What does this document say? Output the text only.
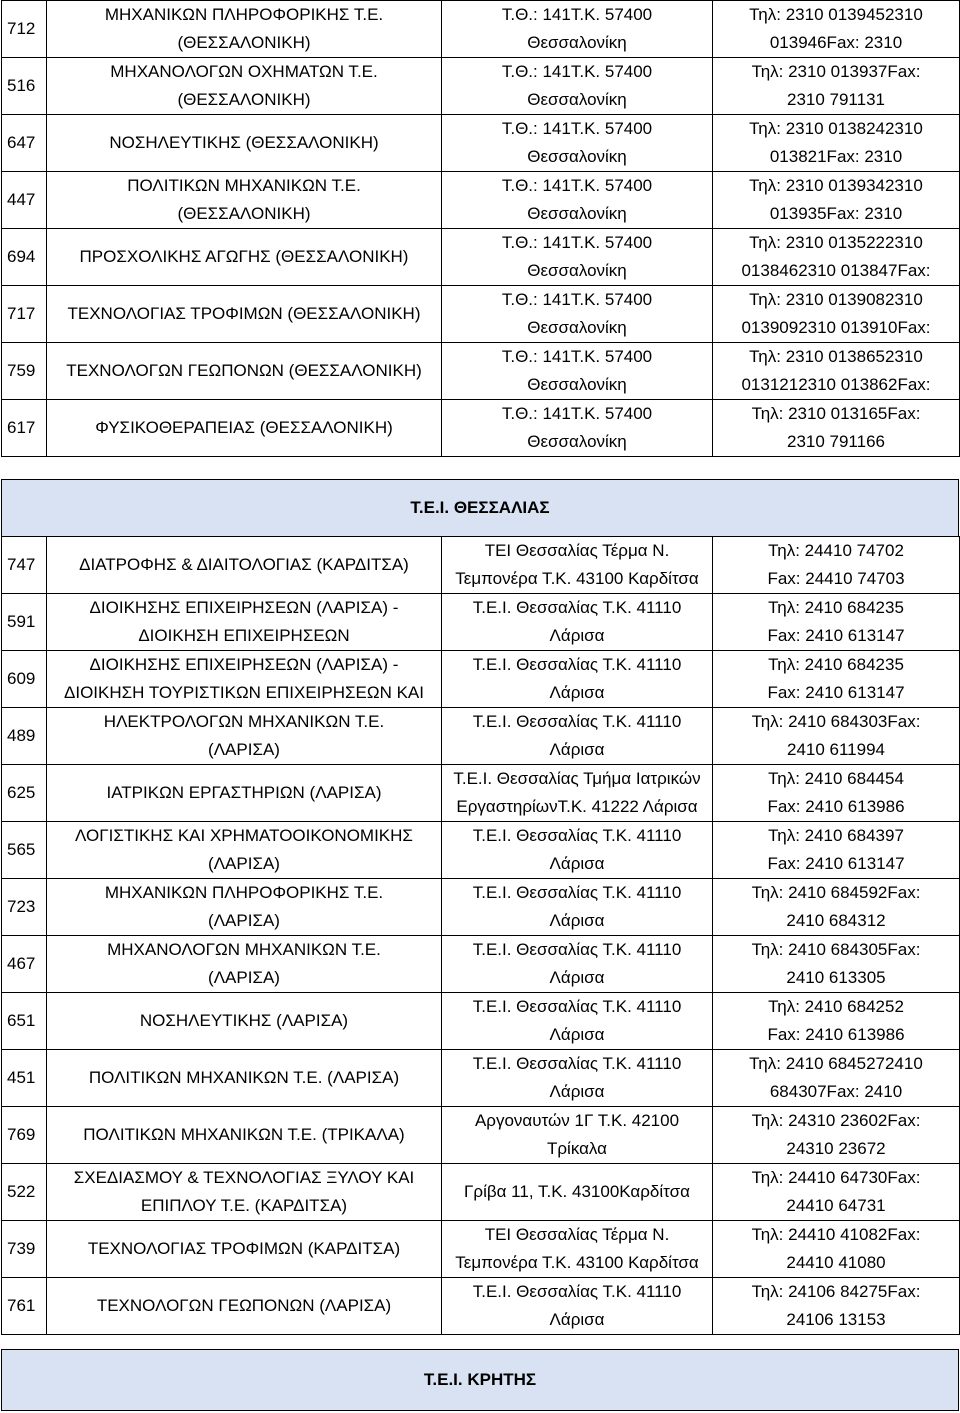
712	ΜΗΧΑΝΙΚΩΝ ΠΛΗΡΟΦΟΡΙΚΗΣ Τ.Ε.
(ΘΕΣΣΑΛΟΝΙΚΗ)	Τ.Θ.: 141Τ.Κ. 57400
Θεσσαλονίκη	Τηλ: 2310 0139452310
013946Fax: 2310

516	ΜΗΧΑΝΟΛΟΓΩΝ ΟΧΗΜΑΤΩΝ Τ.Ε.
(ΘΕΣΣΑΛΟΝΙΚΗ)	Τ.Θ.: 141Τ.Κ. 57400
Θεσσαλονίκη	Τηλ: 2310 013937Fax:
2310 791131

647	ΝΟΣΗΛΕΥΤΙΚΗΣ (ΘΕΣΣΑΛΟΝΙΚΗ)	Τ.Θ.: 141Τ.Κ. 57400
Θεσσαλονίκη	Τηλ: 2310 0138242310
013821Fax: 2310

447	ΠΟΛΙΤΙΚΩΝ ΜΗΧΑΝΙΚΩΝ Τ.Ε.
(ΘΕΣΣΑΛΟΝΙΚΗ)	Τ.Θ.: 141Τ.Κ. 57400
Θεσσαλονίκη	Τηλ: 2310 0139342310
013935Fax: 2310

694	ΠΡΟΣΧΟΛΙΚΗΣ ΑΓΩΓΗΣ (ΘΕΣΣΑΛΟΝΙΚΗ)	Τ.Θ.: 141Τ.Κ. 57400
Θεσσαλονίκη	Τηλ: 2310 0135222310
0138462310 013847Fax:

717	ΤΕΧΝΟΛΟΓΙΑΣ ΤΡΟΦΙΜΩΝ (ΘΕΣΣΑΛΟΝΙΚΗ)	Τ.Θ.: 141Τ.Κ. 57400
Θεσσαλονίκη	Τηλ: 2310 0139082310
0139092310 013910Fax:

759	ΤΕΧΝΟΛΟΓΩΝ ΓΕΩΠΟΝΩΝ (ΘΕΣΣΑΛΟΝΙΚΗ)	Τ.Θ.: 141Τ.Κ. 57400
Θεσσαλονίκη	Τηλ: 2310 0138652310
0131212310 013862Fax:

617	ΦΥΣΙΚΟΘΕΡΑΠΕΙΑΣ (ΘΕΣΣΑΛΟΝΙΚΗ)	Τ.Θ.: 141Τ.Κ. 57400
Θεσσαλονίκη	Τηλ: 2310 013165Fax:
2310 791166
Τ.Ε.Ι. ΘΕΣΣΑΛΙΑΣ
747	ΔΙΑΤΡΟΦΗΣ & ΔΙΑΙΤΟΛΟΓΙΑΣ (ΚΑΡΔΙΤΣΑ)	ΤΕΙ Θεσσαλίας Τέρμα Ν.
Τεμπονέρα Τ.Κ. 43100 Καρδίτσα	Τηλ: 24410 74702
Fax: 24410 74703

591	ΔΙΟΙΚΗΣΗΣ ΕΠΙΧΕΙΡΗΣΕΩΝ (ΛΑΡΙΣΑ) -
ΔΙΟΙΚΗΣΗ ΕΠΙΧΕΙΡΗΣΕΩΝ	Τ.Ε.Ι. Θεσσαλίας Τ.Κ. 41110
Λάρισα	Τηλ: 2410 684235
Fax: 2410 613147

609	ΔΙΟΙΚΗΣΗΣ ΕΠΙΧΕΙΡΗΣΕΩΝ (ΛΑΡΙΣΑ) -
ΔΙΟΙΚΗΣΗ ΤΟΥΡΙΣΤΙΚΩΝ ΕΠΙΧΕΙΡΗΣΕΩΝ ΚΑΙ	Τ.Ε.Ι. Θεσσαλίας Τ.Κ. 41110
Λάρισα	Τηλ: 2410 684235
Fax: 2410 613147

489	ΗΛΕΚΤΡΟΛΟΓΩΝ ΜΗΧΑΝΙΚΩΝ Τ.Ε.
(ΛΑΡΙΣΑ)	Τ.Ε.Ι. Θεσσαλίας Τ.Κ. 41110
Λάρισα	Τηλ: 2410 684303Fax:
2410 611994

625	ΙΑΤΡΙΚΩΝ ΕΡΓΑΣΤΗΡΙΩΝ (ΛΑΡΙΣΑ)	Τ.Ε.Ι. Θεσσαλίας Τμήμα Ιατρικών
ΕργαστηρίωνΤ.Κ. 41222 Λάρισα	Τηλ: 2410 684454
Fax: 2410 613986

565	ΛΟΓΙΣΤΙΚΗΣ ΚΑΙ ΧΡΗΜΑΤΟΟΙΚΟΝΟΜΙΚΗΣ
(ΛΑΡΙΣΑ)	Τ.Ε.Ι. Θεσσαλίας Τ.Κ. 41110
Λάρισα	Τηλ: 2410 684397
Fax: 2410 613147

723	ΜΗΧΑΝΙΚΩΝ ΠΛΗΡΟΦΟΡΙΚΗΣ Τ.Ε.
(ΛΑΡΙΣΑ)	Τ.Ε.Ι. Θεσσαλίας Τ.Κ. 41110
Λάρισα	Τηλ: 2410 684592Fax:
2410 684312

467	ΜΗΧΑΝΟΛΟΓΩΝ ΜΗΧΑΝΙΚΩΝ Τ.Ε.
(ΛΑΡΙΣΑ)	Τ.Ε.Ι. Θεσσαλίας Τ.Κ. 41110
Λάρισα	Τηλ: 2410 684305Fax:
2410 613305

651	ΝΟΣΗΛΕΥΤΙΚΗΣ (ΛΑΡΙΣΑ)	Τ.Ε.Ι. Θεσσαλίας Τ.Κ. 41110
Λάρισα	Τηλ: 2410 684252
Fax: 2410 613986

451	ΠΟΛΙΤΙΚΩΝ ΜΗΧΑΝΙΚΩΝ Τ.Ε. (ΛΑΡΙΣΑ)	Τ.Ε.Ι. Θεσσαλίας Τ.Κ. 41110
Λάρισα	Τηλ: 2410 6845272410
684307Fax: 2410

769	ΠΟΛΙΤΙΚΩΝ ΜΗΧΑΝΙΚΩΝ Τ.Ε. (ΤΡΙΚΑΛΑ)	Αργοναυτών 1Γ Τ.Κ. 42100
Τρίκαλα	Τηλ: 24310 23602Fax:
24310 23672

522	ΣΧΕΔΙΑΣΜΟΥ & ΤΕΧΝΟΛΟΓΙΑΣ ΞΥΛΟΥ ΚΑΙ
ΕΠΙΠΛΟΥ Τ.Ε. (ΚΑΡΔΙΤΣΑ)	Γρίβα 11, Τ.Κ. 43100Καρδίτσα	Τηλ: 24410 64730Fax:
24410 64731

739	ΤΕΧΝΟΛΟΓΙΑΣ ΤΡΟΦΙΜΩΝ (ΚΑΡΔΙΤΣΑ)	ΤΕΙ Θεσσαλίας Τέρμα Ν.
Τεμπονέρα Τ.Κ. 43100 Καρδίτσα	Τηλ: 24410 41082Fax:
24410 41080

761	ΤΕΧΝΟΛΟΓΩΝ ΓΕΩΠΟΝΩΝ (ΛΑΡΙΣΑ)	Τ.Ε.Ι. Θεσσαλίας Τ.Κ. 41110
Λάρισα	Τηλ: 24106 84275Fax:
24106 13153
Τ.Ε.Ι. ΚΡΗΤΗΣ
